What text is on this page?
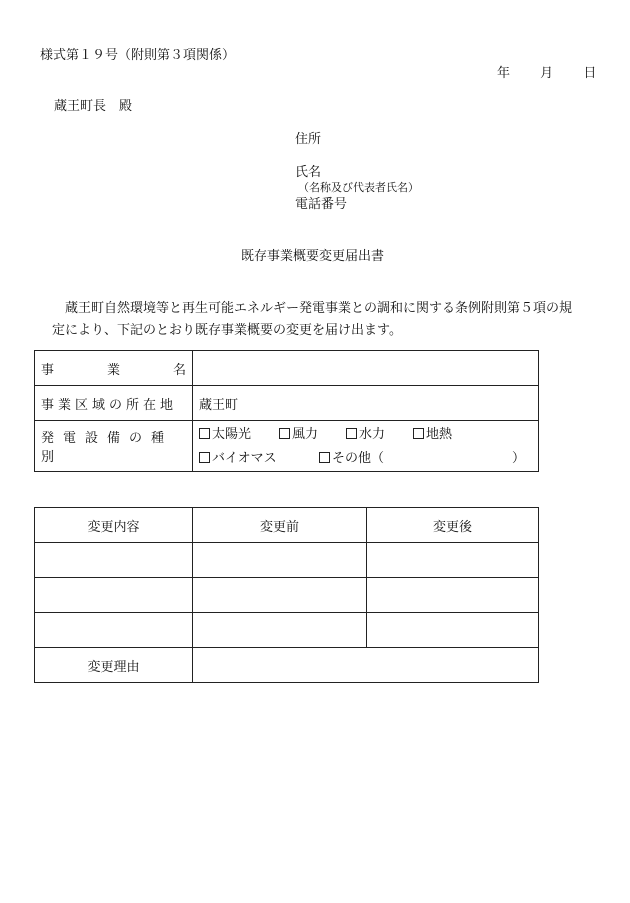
様式第１９号（附則第３項関係）
年 月 日
蔵王町長　殿
住所
氏名
（名称及び代表者氏名）
電話番号
既存事業概要変更届出書

蔵王町自然環境等と再生可能エネルギー発電事業との調和に関する条例附則第５項の規

定により、下記のとおり既存事業概要の変更を届け出ます。

事 業 名	

事業区域の所在地	蔵王町
発電設備の種別	太陽光 風力 水力 地熱
バイオマス その他（ ）
変更内容	変更前	変更後

変更理由		
